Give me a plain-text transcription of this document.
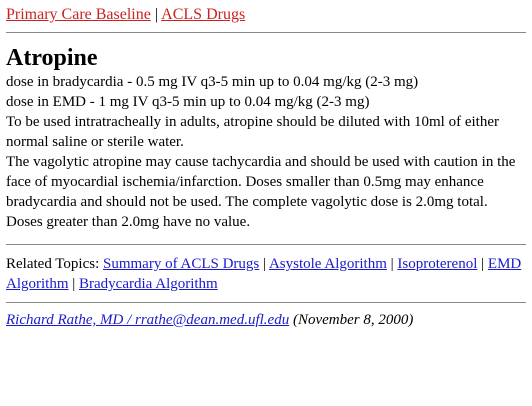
Primary Care Baseline | ACLS Drugs
Atropine

dose in bradycardia - 0.5 mg IV q3-5 min up to 0.04 mg/kg (2-3 mg)

dose in EMD - 1 mg IV q3-5 min up to 0.04 mg/kg (2-3 mg)

To be used intratracheally in adults, atropine should be diluted with 10ml of either normal saline or sterile water.

The vagolytic atropine may cause tachycardia and should be used with caution in the face of myocardial ischemia/infarction. Doses smaller than 0.5mg may enhance bradycardia and should not be used. The complete vagolytic dose is 2.0mg total. Doses greater than 2.0mg have no value.

Related Topics: Summary of ACLS Drugs | Asystole Algorithm | Isoproterenol | EMD Algorithm | Bradycardia Algorithm
Richard Rathe, MD / rrathe@dean.med.ufl.edu (November 8, 2000)
